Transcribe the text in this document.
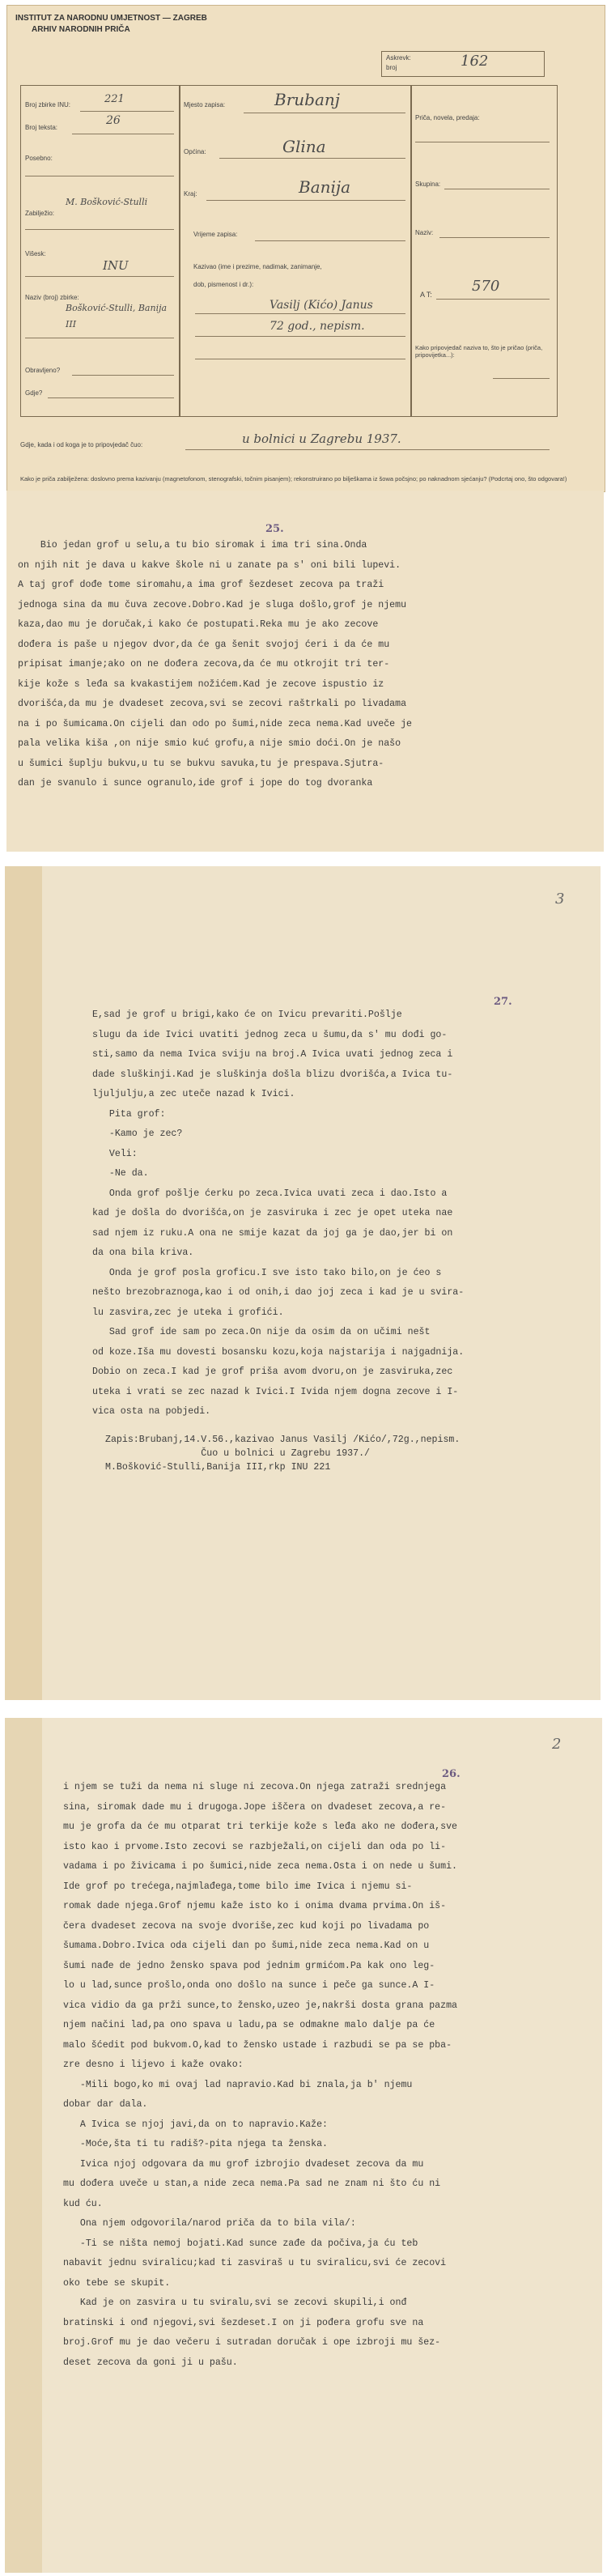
INSTITUT ZA NARODNU UMJETNOST — ZAGREB
ARHIV NARODNIH PRIČA
Askrevk:
broj	162
Broj zbirke INU:	221
Broj teksta:
26
Posebno:
Zabilježio:
M. Bošković-Stulli
Višesk:
INU
Naziv (broj) zbirke:
Bošković-Stulli, Banija III
Obravljeno?
Gdje?
Mjesto zapisa:	Brubanj
Općina:	Glina
Kraj:	Banija
Vrijeme zapisa:
Kazivao (ime i prezime, nadimak, zanimanje,
dob, pismenost i dr.):
Vasilj (Kićo) Janus
72 god., nepism.
Priča, novela, predaja:
Skupina:
Naziv:
A T:	570
Kako pripovjedač naziva to, što je pričao (priča, pripovijetka...):
Gdje, kada i od koga je to pripovjedač čuo:	u bolnici u Zagrebu 1937.
Kako je priča zabilježena: doslovno prema kazivanju (magnetofonom, stenografski, točnim pisanjem); rekonstruirano po bilješkama iz šowa počsjno; po naknadnom sjećanju? (Podcrtaj ono, što odgovara!)
25.
Bio jedan grof u selu,a tu bio siromak i ima tri sina.Onda
on njih nit je dava u kakve škole ni u zanate pa s' oni bili lupevi.
A taj grof dođe tome siromahu,a ima grof šezdeset zecova pa traži
jednoga sina da mu čuva zecove.Dobro.Kad je sluga došlo,grof je njemu
kaza,dao mu je doručak,i kako će postupati.Reka mu je ako zecove
dođera is paše u njegov dvor,da će ga šenit svojoj ćeri i da će mu
pripisat imanje;ako on ne dođera zecova,da će mu otkrojit tri ter-
kije kože s leđa sa kvakastijem nožićem.Kad je zecove ispustio iz
dvorišća,da mu je dvadeset zecova,svi se zecovi raštrkali po livadama
na i po šumicama.On cijeli dan odo po šumi,nide zeca nema.Kad uveče je
pala velika kiša ,on nije smio kuć grofu,a nije smio doći.On je našo
u šumici šuplju bukvu,u tu se bukvu savuka,tu je prespava.Sjutra-
dan je svanulo i sunce ogranulo,ide grof i jope do tog dvoranka
3
27.
E,sad je grof u brigi,kako će on Ivicu prevariti.Pošlje
slugu da ide Ivici uvatiti jednog zeca u šumu,da s' mu dođi go-
sti,samo da nema Ivica sviju na broj.A Ivica uvati jednog zeca i
dade sluškinji.Kad je sluškinja došla blizu dvorišća,a Ivica tu-
ljuljulju,a zec uteče nazad k Ivici.
Pita grof:
-Kamo je zec?
Veli:
-Ne da.
Onda grof pošlje ćerku po zeca.Ivica uvati zeca i dao.Isto a
kad je došla do dvorišća,on je zasviruka i zec je opet uteka nae
sad njem iz ruku.A ona ne smije kazat da joj ga je dao,jer bi on
da ona bila kriva.
Onda je grof posla groficu.I sve isto tako bilo,on je ćeo s
nešto brezobraznoga,kao i od onih,i dao joj zeca i kad je u svira-
lu zasvira,zec je uteka i grofići.
Sad grof ide sam po zeca.On nije da osim da on učimi nešt
od koze.Iša mu dovesti bosansku kozu,koja najstarija i najgadnija.
Dobio on zeca.I kad je grof priša avom dvoru,on je zasviruka,zec
uteka i vrati se zec nazad k Ivici.I Ivida njem dogna zecove i I-
vica osta na pobjedi.
Zapis:Brubanj,14.V.56.,kazivao Janus Vasilj /Kićo/,72g.,nepism.
Čuo u bolnici u Zagrebu 1937./
M.Bošković-Stulli,Banija III,rkp INU 221
2
26.
i njem se tuži da nema ni sluge ni zecova.On njega zatraži srednjega
sina, siromak dade mu i drugoga.Jope iščera on dvadeset zecova,a re-
mu je grofa da će mu otparat tri terkije kože s leđa ako ne dođera,sve
isto kao i prvome.Isto zecovi se razbježali,on cijeli dan oda po li-
vadama i po živicama i po šumici,nide zeca nema.Osta i on nede u šumi.
Ide grof po trećega,najmlađega,tome bilo ime Ivica i njemu si-
romak dade njega.Grof njemu kaže isto ko i onima dvama prvima.On iš-
čera dvadeset zecova na svoje dvoriše,zec kud koji po livadama po
šumama.Dobro.Ivica oda cijeli dan po šumi,nide zeca nema.Kad on u
šumi nađe de jedno žensko spava pod jednim grmićom.Pa kak ono leg-
lo u lad,sunce prošlo,onda ono došlo na sunce i peče ga sunce.A I-
vica vidio da ga prži sunce,to žensko,uzeo je,nakrši dosta grana pazma
njem načini lad,pa ono spava u ladu,pa se odmakne malo dalje pa će
malo šćedit pod bukvom.O,kad to žensko ustade i razbudi se pa se pba-
zre desno i lijevo i kaže ovako:
-Mili bogo,ko mi ovaj lad napravio.Kad bi znala,ja b' njemu
dobar dar dala.
A Ivica se njoj javi,da on to napravio.Kaže:
-Moće,šta ti tu radiš?-pita njega ta ženska.
Ivica njoj odgovara da mu grof izbrojio dvadeset zecova da mu
mu dođera uveče u stan,a nide zeca nema.Pa sad ne znam ni što ću ni
kud ću.
Ona njem odgovorila/narod priča da to bila vila/:
-Ti se ništa nemoj bojati.Kad sunce zađe da počiva,ja ću teb
nabavit jednu sviralicu;kad ti zasviraš u tu sviralicu,svi će zecovi
oko tebe se skupit.
Kad je on zasvira u tu sviralu,svi se zecovi skupili,i onđ
bratinski i onđ njegovi,svi šezdeset.I on ji pođera grofu sve na
broj.Grof mu je dao večeru i sutradan doručak i ope izbroji mu šez-
deset zecova da goni ji u pašu.
